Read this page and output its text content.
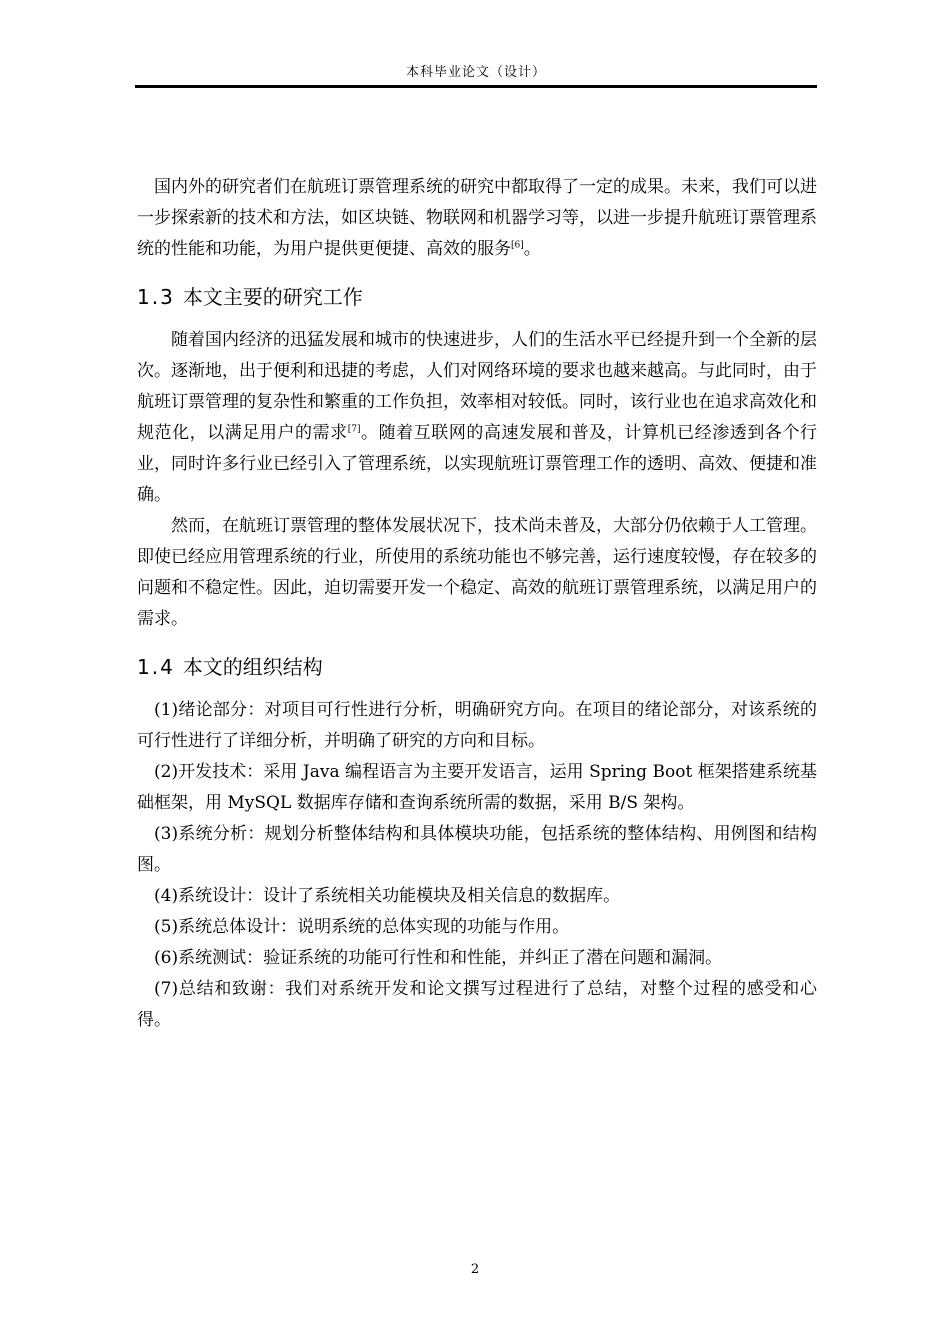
本科毕业论文（设计）

国内外的研究者们在航班订票管理系统的研究中都取得了一定的成果。未来，我们可以进一步探索新的技术和方法，如区块链、物联网和机器学习等，以进一步提升航班订票管理系统的性能和功能，为用户提供更便捷、高效的服务[6]。

1.3 本文主要的研究工作

随着国内经济的迅猛发展和城市的快速进步，人们的生活水平已经提升到一个全新的层次。逐渐地，出于便利和迅捷的考虑，人们对网络环境的要求也越来越高。与此同时，由于航班订票管理的复杂性和繁重的工作负担，效率相对较低。同时，该行业也在追求高效化和规范化，以满足用户的需求[7]。随着互联网的高速发展和普及，计算机已经渗透到各个行业，同时许多行业已经引入了管理系统，以实现航班订票管理工作的透明、高效、便捷和准确。

然而，在航班订票管理的整体发展状况下，技术尚未普及，大部分仍依赖于人工管理。即使已经应用管理系统的行业，所使用的系统功能也不够完善，运行速度较慢，存在较多的问题和不稳定性。因此，迫切需要开发一个稳定、高效的航班订票管理系统，以满足用户的需求。

1.4 本文的组织结构

(1)绪论部分：对项目可行性进行分析，明确研究方向。在项目的绪论部分，对该系统的可行性进行了详细分析，并明确了研究的方向和目标。

(2)开发技术：采用 Java 编程语言为主要开发语言，运用 Spring Boot 框架搭建系统基础框架，用 MySQL 数据库存储和查询系统所需的数据，采用 B/S 架构。

(3)系统分析：规划分析整体结构和具体模块功能，包括系统的整体结构、用例图和结构图。

(4)系统设计：设计了系统相关功能模块及相关信息的数据库。

(5)系统总体设计：说明系统的总体实现的功能与作用。

(6)系统测试：验证系统的功能可行性和和性能，并纠正了潜在问题和漏洞。

(7)总结和致谢：我们对系统开发和论文撰写过程进行了总结，对整个过程的感受和心得。

2
